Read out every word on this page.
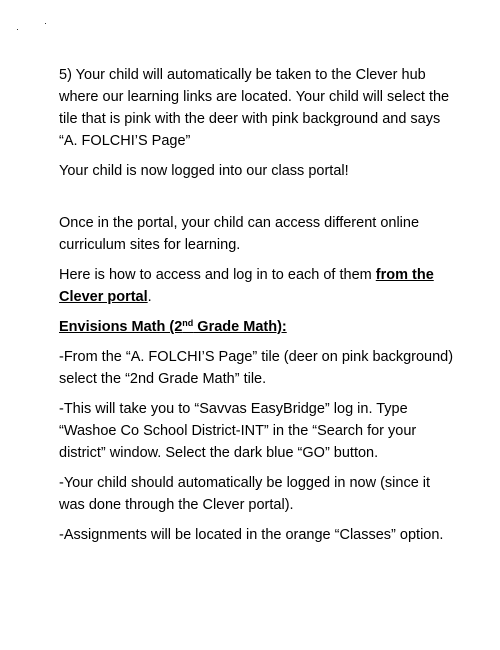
5) Your child will automatically be taken to the Clever hub where our learning links are located. Your child will select the tile that is pink with the deer with pink background and says “A. FOLCHI’S Page”

Your child is now logged into our class portal!

Once in the portal, your child can access different online curriculum sites for learning.

Here is how to access and log in to each of them from the Clever portal.

Envisions Math (2nd Grade Math):

-From the “A. FOLCHI’S Page” tile (deer on pink background) select the “2nd Grade Math” tile.

-This will take you to “Savvas EasyBridge” log in. Type “Washoe Co School District-INT” in the “Search for your district” window. Select the dark blue “GO” button.

-Your child should automatically be logged in now (since it was done through the Clever portal).

-Assignments will be located in the orange “Classes” option.
